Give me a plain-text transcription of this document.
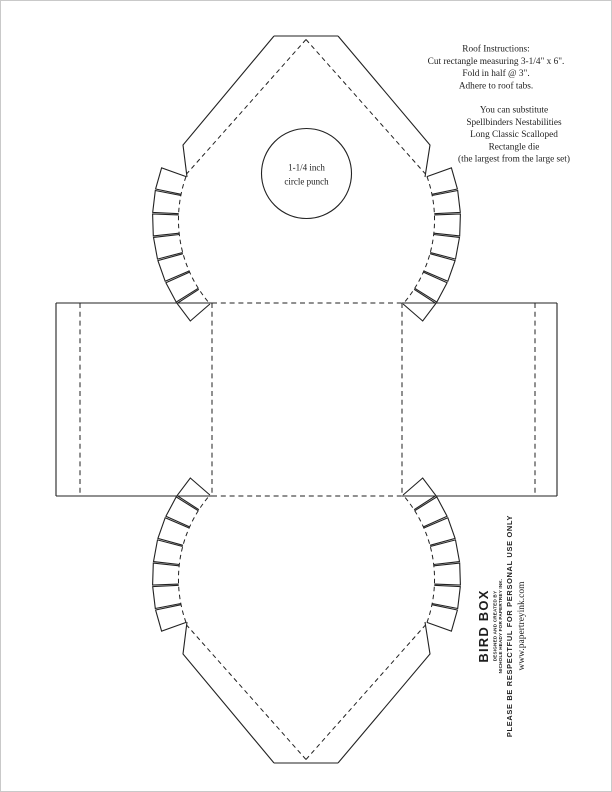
Roof Instructions:
Cut rectangle measuring 3-1/4" x 6".
Fold in half @ 3".
Adhere to roof tabs.
You can substitute
Spellbinders Nestabilities
Long Classic Scalloped
Rectangle die
(the largest from the large set)
1-1/4 inch
circle punch
BIRD BOX DESIGNED AND CREATED BY NICHOLE HEADY FOR PAPERTREY INK. PLEASE BE RESPECTFUL FOR PERSONAL USE ONLY www.papertreyink.com
